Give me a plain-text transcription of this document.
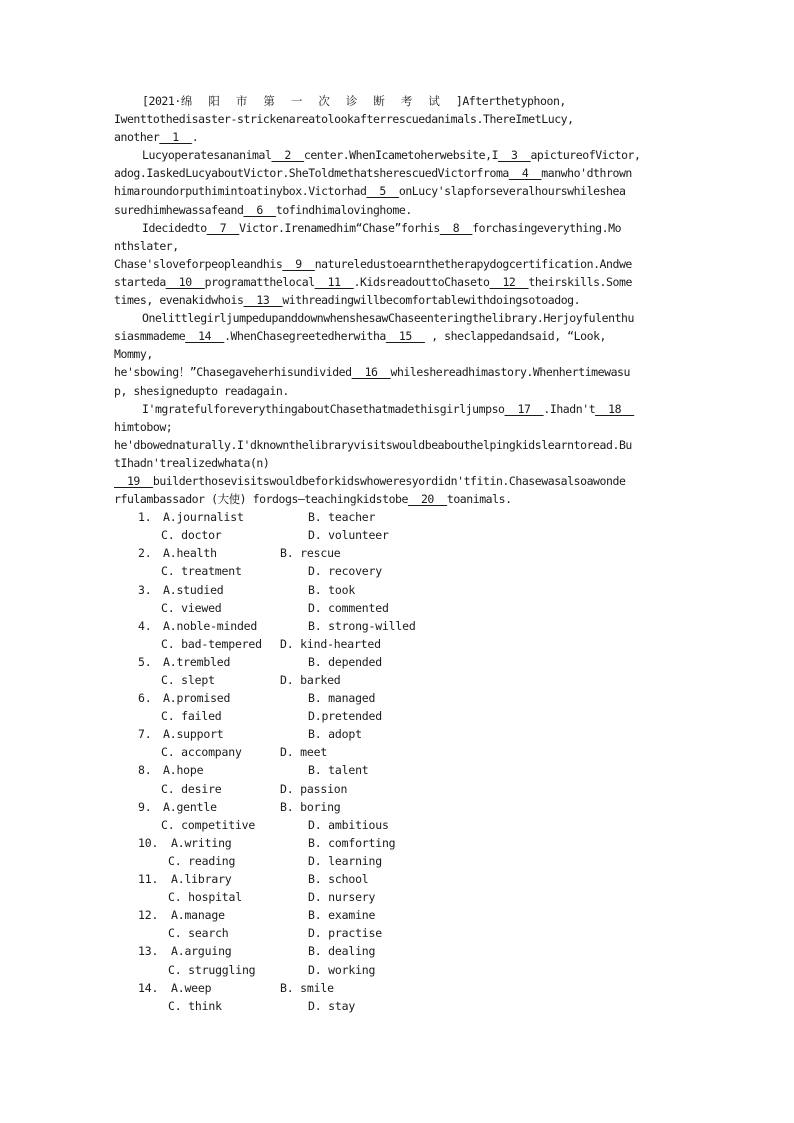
[2021·绵阳市第一次诊断考试]Afterthetyphoon,
Iwenttothedisaster-strickenareatolookafterrescuedanimals.ThereImetLucy,
another__1__.
Lucyoperatesananimal__2__center.WhenIcametoherwebsite,I__3__apictureofVictor,
adog.IaskedLucyaboutVictor.SheToldmethatsherescuedVictorfroma__4__manwho'dthrown
himaroundorputhimintoatinybox.Victorhad__5__onLucy'slapforseveralhourswhileshea
suredhimhewassafeand__6__tofindhimalovinghome.
Idecidedto__7__Victor.Irenamedhim“Chase”forhis__8__forchasingeverything.Mo
nthslater,
Chase'sloveforpeopleandhis__9__natureledustoearnthetherapydogcertification.Andwe
starteda__10__programatthelocal__11__.KidsreadouttoChaseto__12__theirskills.Some
times, evenakidwhois__13__withreadingwillbecomfortablewithdoingsotoadog.
OnelittlegirljumpedupanddownwhenshesawChaseenteringthelibrary.Herjoyfulenthu
siasmmademe__14__.WhenChasegreetedherwitha__15__ , sheclappedandsaid, “Look,
Mommy,
he'sbowing！”Chasegaveherhisundivided__16__whileshereadhimastory.Whenhertimewasu
p, shesignedupto readagain.
I'mgratefulforeverythingaboutChasethatmadethisgirljumpso__17__.Ihadn't__18__
himtobow;
he'dbowednaturally.I'dknownthelibraryvisitswouldbeabouthelpingkidslearntoread.Bu
tIhadn'trealizedwhata(n)
__19__builderthosevisitswouldbeforkidswhoweresyordidn'tfitin.Chasewasalsoawonde
rfulambassador (大使) fordogs—teachingkidstobe__20__toanimals.
1. A.journalist	B. teacher
C. doctor	D. volunteer
2. A.health	B. rescue
C. treatment	D. recovery
3. A.studied	B. took
C. viewed	D. commented
4. A.noble-minded	B. strong-willed
C. bad-tempered D. kind-hearted
5. A.trembled	B. depended
C. slept	D. barked
6. A.promised	B. managed
C. failed	D.pretended
7. A.support	B. adopt
C. accompany	D. meet
8. A.hope	B. talent
C. desire	D. passion
9. A.gentle	B. boring
C. competitive	D. ambitious
10. A.writing	B. comforting
C. reading	D. learning
11. A.library	B. school
C. hospital	D. nursery
12. A.manage	B. examine
C. search	D. practise
13. A.arguing	B. dealing
C. struggling	D. working
14. A.weep	B. smile
C. think	D. stay
